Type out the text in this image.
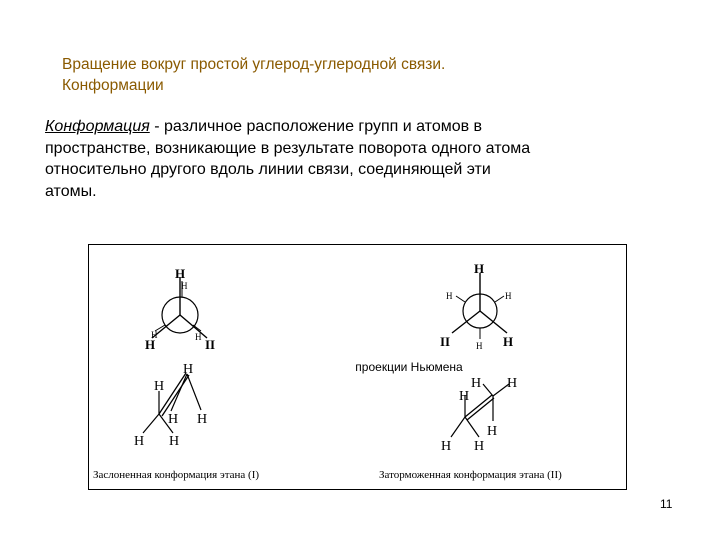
Вращение вокруг простой углерод-углеродной связи.
Конформации
Конформация - различное расположение групп и атомов в
пространстве, возникающие в результате поворота одного атома
относительно другого вдоль линии связи, соединяющей эти
атомы.
H
H
H
H	H II
H
H	H
II	H H
H
H
H H
H H
H H
H
H
H H
проекции Ньюмена
Заслоненная конформация этана (I)	Заторможенная конформация этана (II)
11
